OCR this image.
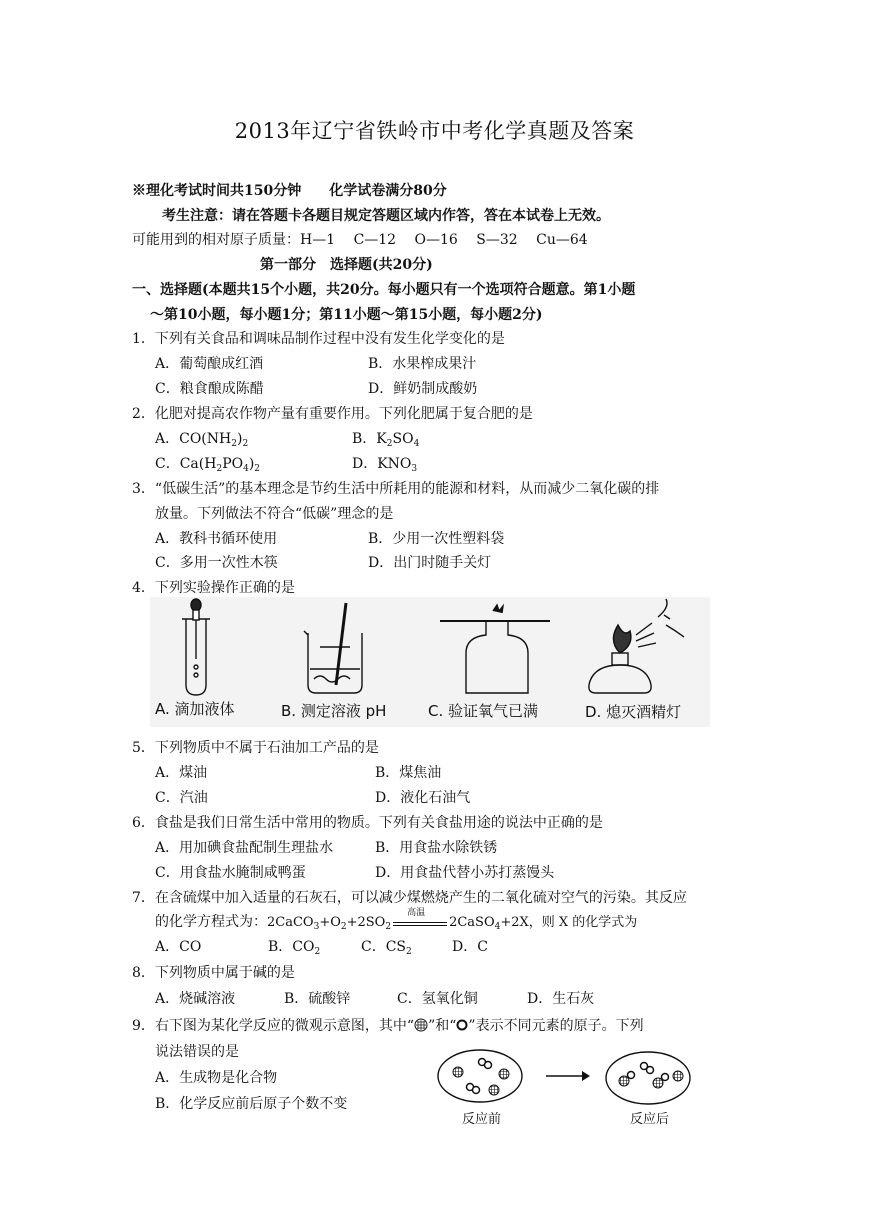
2013年辽宁省铁岭市中考化学真题及答案
※理化考试时间共150分钟　　化学试卷满分80分
考生注意：请在答题卡各题目规定答题区域内作答，答在本试卷上无效。
可能用到的相对原子质量：H—1　 C—12　 O—16　 S—32　 Cu—64
第一部分　选择题(共20分)
一、选择题(本题共15个小题，共20分。每小题只有一个选项符合题意。第1小题
～第10小题，每小题1分；第11小题～第15小题，每小题2分)
1．下列有关食品和调味品制作过程中没有发生化学变化的是
A．葡萄酿成红酒	B．水果榨成果汁
C．粮食酿成陈醋	D．鲜奶制成酸奶
2．化肥对提高农作物产量有重要作用。下列化肥属于复合肥的是
A．$CO(NH_2)_2$	B．$K_2SO_4$
C．$Ca(H_2PO_4)_2$	D．$KNO_3$
3．“低碳生活”的基本理念是节约生活中所耗用的能源和材料，从而减少二氧化碳的排
放量。下列做法不符合“低碳”理念的是
A．教科书循环使用	B．少用一次性塑料袋
C．多用一次性木筷	D．出门时随手关灯
4．下列实验操作正确的是
A. 滴加液体	B. 测定溶液 pH	C. 验证氧气已满	D. 熄灭酒精灯
5．下列物质中不属于石油加工产品的是
A．煤油	B．煤焦油
C．汽油	D．液化石油气
6．食盐是我们日常生活中常用的物质。下列有关食盐用途的说法中正确的是
A．用加碘食盐配制生理盐水	B．用食盐水除铁锈
C．用食盐水腌制咸鸭蛋	D．用食盐代替小苏打蒸馒头
7．在含硫煤中加入适量的石灰石，可以减少煤燃烧产生的二氧化硫对空气的污染。其反应
的化学方程式为：$2CaCO_3+O_2+2SO_2$
高温
2CaSO$_4$+2X，则 X 的化学式为
A．CO	B．$CO_2$	C．$CS_2$	D．C
8．下列物质中属于碱的是
A．烧碱溶液	B．硫酸锌	C．氢氧化铜	D．生石灰
9．右下图为某化学反应的微观示意图，其中“ ”和“ ”表示不同元素的原子。下列
说法错误的是
A．生成物是化合物
B．化学反应前后原子个数不变
反应前	反应后
